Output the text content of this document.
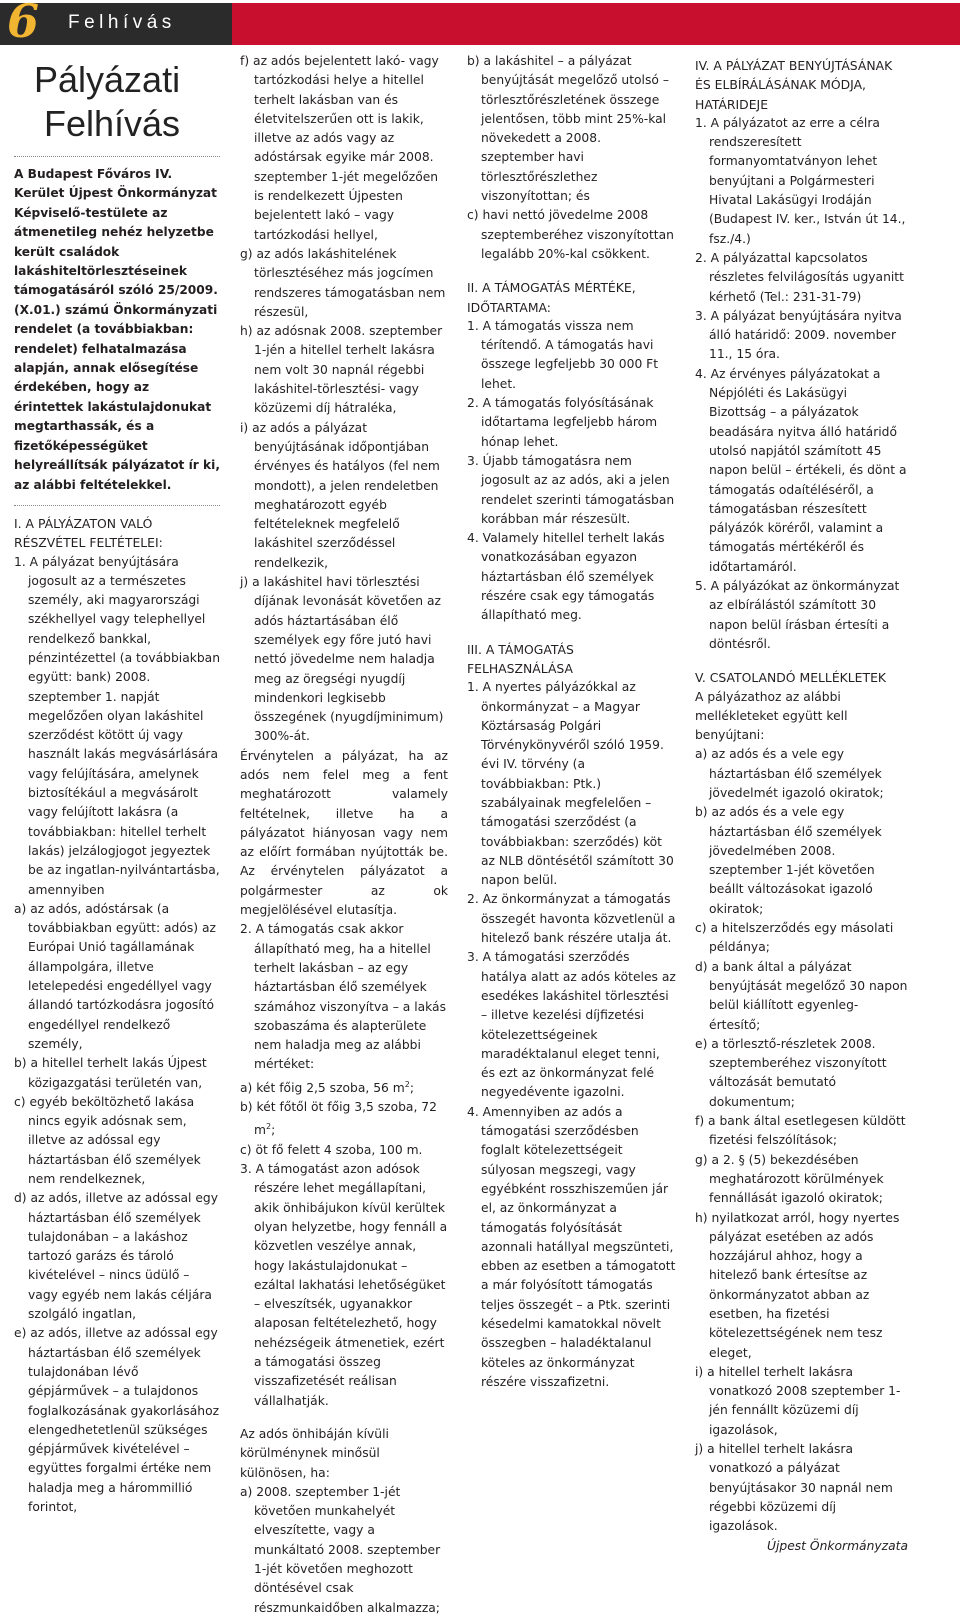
6	Felhívás
Pályázati
Felhívás

A Budapest Főváros IV. Kerület Újpest Önkormányzat Képviselő-testülete az átmenetileg nehéz helyzetbe került családok lakáshiteltörlesztéseinek támogatásáról szóló 25/2009. (X.01.) számú Önkormányzati rendelet (a továbbiakban: rendelet) felhatalmazása alapján, annak elősegítése érdekében, hogy az érintettek lakástulajdonukat megtarthassák, és a fizetőképességüket helyreállítsák pályázatot ír ki, az alábbi feltételekkel.

I. A PÁLYÁZATON VALÓ RÉSZVÉTEL FELTÉTELEI:

1. A pályázat benyújtására jogosult az a természetes személy, aki magyarországi székhellyel vagy telephellyel rendelkező bankkal, pénzintézettel (a továbbiakban együtt: bank) 2008. szeptember 1. napját megelőzően olyan lakáshitel szerződést kötött új vagy használt lakás megvásárlására vagy felújítására, amelynek biztosítékául a megvásárolt vagy felújított lakásra (a továbbiakban: hitellel terhelt lakás) jelzálogjogot jegyeztek be az ingatlan-nyilvántartásba, amennyiben

a) az adós, adóstársak (a továbbiakban együtt: adós) az Európai Unió tagállamának állampolgára, illetve letelepedési engedéllyel vagy állandó tartózkodásra jogosító engedéllyel rendelkező személy,

b) a hitellel terhelt lakás Újpest közigazgatási területén van,

c) egyéb beköltözhető lakása nincs egyik adósnak sem, illetve az adóssal egy háztartásban élő személyek nem rendelkeznek,

d) az adós, illetve az adóssal egy háztartásban élő személyek tulajdonában – a lakáshoz tartozó garázs és tároló kivételével – nincs üdülő – vagy egyéb nem lakás céljára szolgáló ingatlan,

e) az adós, illetve az adóssal egy háztartásban élő személyek tulajdonában lévő gépjárművek – a tulajdonos foglalkozásának gyakorlásához elengedhetetlenül szükséges gépjárművek kivételével – együttes forgalmi értéke nem haladja meg a hárommillió forintot,

f) az adós bejelentett lakó- vagy tartózkodási helye a hitellel terhelt lakásban van és életvitelszerűen ott is lakik, illetve az adós vagy az adóstársak egyike már 2008. szeptember 1-jét megelőzően is rendelkezett Újpesten bejelentett lakó – vagy tartózkodási hellyel,

g) az adós lakáshitelének törlesztéséhez más jogcímen rendszeres támogatásban nem részesül,

h) az adósnak 2008. szeptember 1-jén a hitellel terhelt lakásra nem volt 30 napnál régebbi lakáshitel-törlesztési- vagy közüzemi díj hátraléka,

i) az adós a pályázat benyújtásának időpontjában érvényes és hatályos (fel nem mondott), a jelen rendeletben meghatározott egyéb feltételeknek megfelelő lakáshitel szerződéssel rendelkezik,

j) a lakáshitel havi törlesztési díjának levonását követően az adós háztartásában élő személyek egy főre jutó havi nettó jövedelme nem haladja meg az öregségi nyugdíj mindenkori legkisebb összegének (nyugdíjminimum) 300%-át.

Érvénytelen a pályázat, ha az adós nem felel meg a fent meghatározott valamely feltételnek, illetve ha a pályázatot hiányosan vagy nem az előírt formában nyújtották be. Az érvénytelen pályázatot a polgármester az ok megjelölésével elutasítja.

2. A támogatás csak akkor állapítható meg, ha a hitellel terhelt lakásban – az egy háztartásban élő személyek számához viszonyítva – a lakás szobaszáma és alapterülete nem haladja meg az alábbi mértéket:

a) két főig 2,5 szoba, 56 $m^2$;

b) két főtől öt főig 3,5 szoba, 72 $m^2$;

c) öt fő felett 4 szoba, 100 m.

3. A támogatást azon adósok részére lehet megállapítani, akik önhibájukon kívül kerültek olyan helyzetbe, hogy fennáll a közvetlen veszélye annak, hogy lakástulajdonukat – ezáltal lakhatási lehetőségüket – elveszítsék, ugyanakkor alaposan feltételezhető, hogy nehézségeik átmenetiek, ezért a támogatási összeg visszafizetését reálisan vállalhatják.

Az adós önhibáján kívüli körülménynek minősül különösen, ha:

a) 2008. szeptember 1-jét követően munkahelyét elveszítette, vagy a munkáltató 2008. szeptember 1-jét követően meghozott döntésével csak részmunkaidőben alkalmazza;

b) a lakáshitel – a pályázat benyújtását megelőző utolsó – törlesztőrészletének összege jelentősen, több mint 25%-kal növekedett a 2008. szeptember havi törlesztőrészlethez viszonyítottan; és

c) havi nettó jövedelme 2008 szeptemberéhez viszonyítottan legalább 20%-kal csökkent.

II. A TÁMOGATÁS MÉRTÉKE, IDŐTARTAMA:

1. A támogatás vissza nem térítendő. A támogatás havi összege legfeljebb 30 000 Ft lehet.

2. A támogatás folyósításának időtartama legfeljebb három hónap lehet.

3. Újabb támogatásra nem jogosult az az adós, aki a jelen rendelet szerinti támogatásban korábban már részesült.

4. Valamely hitellel terhelt lakás vonatkozásában egyazon háztartásban élő személyek részére csak egy támogatás állapítható meg.

III. A TÁMOGATÁS FELHASZNÁLÁSA

1. A nyertes pályázókkal az önkormányzat – a Magyar Köztársaság Polgári Törvénykönyvéről szóló 1959. évi IV. törvény (a továbbiakban: Ptk.) szabályainak megfelelően – támogatási szerződést (a továbbiakban: szerződés) köt az NLB döntésétől számított 30 napon belül.

2. Az önkormányzat a támogatás összegét havonta közvetlenül a hitelező bank részére utalja át.

3. A támogatási szerződés hatálya alatt az adós köteles az esedékes lakáshitel törlesztési – illetve kezelési díjfizetési kötelezettségeinek maradéktalanul eleget tenni, és ezt az önkormányzat felé negyedévente igazolni.

4. Amennyiben az adós a támogatási szerződésben foglalt kötelezettségeit súlyosan megszegi, vagy egyébként rosszhiszeműen jár el, az önkormányzat a támogatás folyósítását azonnali hatállyal megszünteti, ebben az esetben a támogatott a már folyósított támogatás teljes összegét – a Ptk. szerinti késedelmi kamatokkal növelt összegben – haladéktalanul köteles az önkormányzat részére visszafizetni.

IV. A PÁLYÁZAT BENYÚJTÁSÁNAK ÉS ELBÍRÁLÁSÁNAK MÓDJA, HATÁRIDEJE

1. A pályázatot az erre a célra rendszeresített formanyomtatványon lehet benyújtani a Polgármesteri Hivatal Lakásügyi Irodáján (Budapest IV. ker., István út 14., fsz./4.)

2. A pályázattal kapcsolatos részletes felvilágosítás ugyanitt kérhető (Tel.: 231-31-79)

3. A pályázat benyújtására nyitva álló határidő: 2009. november 11., 15 óra.

4. Az érvényes pályázatokat a Népjóléti és Lakásügyi Bizottság – a pályázatok beadására nyitva álló határidő utolsó napjától számított 45 napon belül – értékeli, és dönt a támogatás odaítéléséről, a támogatásban részesített pályázók köréről, valamint a támogatás mértékéről és időtartamáról.

5. A pályázókat az önkormányzat az elbírálástól számított 30 napon belül írásban értesíti a döntésről.

V. CSATOLANDÓ MELLÉKLETEK

A pályázathoz az alábbi mellékleteket együtt kell benyújtani:

a) az adós és a vele egy háztartásban élő személyek jövedelmét igazoló okiratok;

b) az adós és a vele egy háztartásban élő személyek jövedelmében 2008. szeptember 1-jét követően beállt változásokat igazoló okiratok;

c) a hitelszerződés egy másolati példánya;

d) a bank által a pályázat benyújtását megelőző 30 napon belül kiállított egyenleg-értesítő;

e) a törlesztő-részletek 2008. szeptemberéhez viszonyított változását bemutató dokumentum;

f) a bank által esetlegesen küldött fizetési felszólítások;

g) a 2. § (5) bekezdésében meghatározott körülmények fennállását igazoló okiratok;

h) nyilatkozat arról, hogy nyertes pályázat esetében az adós hozzájárul ahhoz, hogy a hitelező bank értesítse az önkormányzatot abban az esetben, ha fizetési kötelezettségének nem tesz eleget,

i) a hitellel terhelt lakásra vonatkozó 2008 szeptember 1-jén fennállt közüzemi díj igazolások,

j) a hitellel terhelt lakásra vonatkozó a pályázat benyújtásakor 30 napnál nem régebbi közüzemi díj igazolások.

Újpest Önkormányzata
